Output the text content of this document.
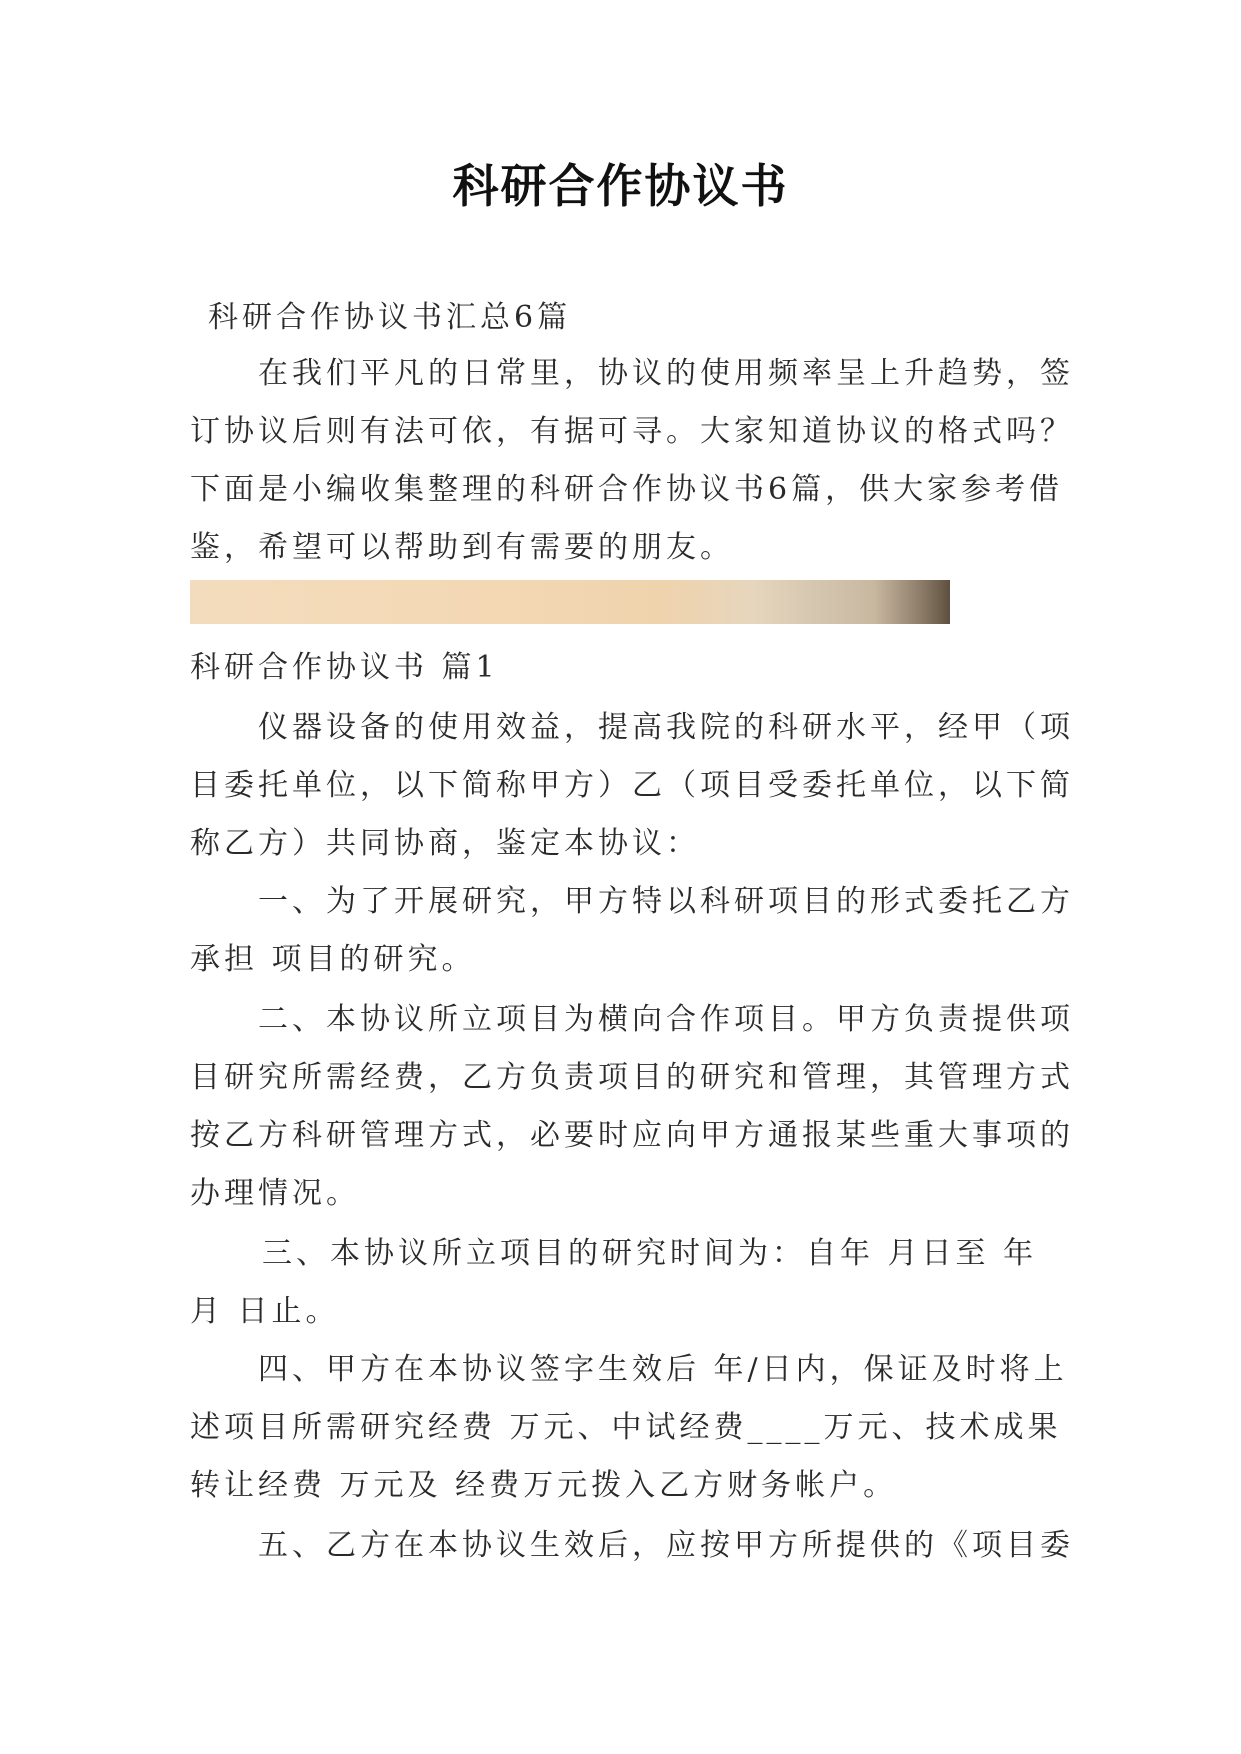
科研合作协议书

科研合作协议书汇总6篇

在我们平凡的日常里，协议的使用频率呈上升趋势，签

订协议后则有法可依，有据可寻。大家知道协议的格式吗？

下面是小编收集整理的科研合作协议书6篇，供大家参考借

鉴，希望可以帮助到有需要的朋友。

科研合作协议书 篇1

仪器设备的使用效益，提高我院的科研水平，经甲（项

目委托单位，以下简称甲方）乙（项目受委托单位，以下简

称乙方）共同协商，鉴定本协议：

一、为了开展研究，甲方特以科研项目的形式委托乙方

承担 项目的研究。

二、本协议所立项目为横向合作项目。甲方负责提供项

目研究所需经费，乙方负责项目的研究和管理，其管理方式

按乙方科研管理方式，必要时应向甲方通报某些重大事项的

办理情况。

三、本协议所立项目的研究时间为：自年 月日至 年

月 日止。

四、甲方在本协议签字生效后 年/日内，保证及时将上

述项目所需研究经费 万元、中试经费____万元、技术成果

转让经费 万元及 经费万元拨入乙方财务帐户。

五、乙方在本协议生效后，应按甲方所提供的《项目委
